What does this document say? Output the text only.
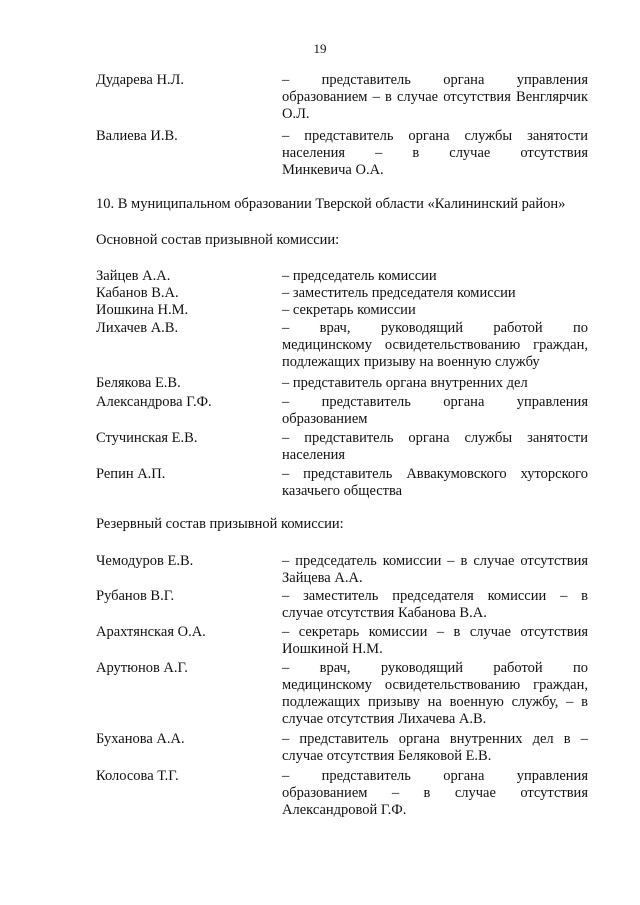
19
Дударева Н.Л.	– представитель органа управления
образованием – в случае отсутствия Венглярчик
О.Л.
Валиева И.В.	– представитель органа службы занятости
населения – в случае отсутствия
Минкевича О.А.
10. В муниципальном образовании Тверской области «Калининский район»
Основной состав призывной комиссии:
Зайцев А.А.	– председатель комиссии
Кабанов В.А.	– заместитель председателя комиссии
Иошкина Н.М.	– секретарь комиссии
Лихачев А.В.	– врач, руководящий работой по
медицинскому освидетельствованию граждан,
подлежащих призыву на военную службу
Белякова Е.В.	– представитель органа внутренних дел
Александрова Г.Ф.	– представитель органа управления
образованием
Стучинская Е.В.	– представитель органа службы занятости
населения
Репин А.П.	– представитель Аввакумовского хуторского
казачьего общества
Резервный состав призывной комиссии:
Чемодуров Е.В.	– председатель комиссии – в случае отсутствия
Зайцева А.А.
Рубанов В.Г.	– заместитель председателя комиссии – в
случае отсутствия Кабанова В.А.
Арахтянская О.А.	– секретарь комиссии – в случае отсутствия
Иошкиной Н.М.
Арутюнов А.Г.	– врач, руководящий работой по
медицинскому освидетельствованию граждан,
подлежащих призыву на военную службу, – в
случае отсутствия Лихачева А.В.
Буханова А.А.	– представитель органа внутренних дел в –
случае отсутствия Беляковой Е.В.
Колосова Т.Г.	– представитель органа управления
образованием – в случае отсутствия
Александровой Г.Ф.
